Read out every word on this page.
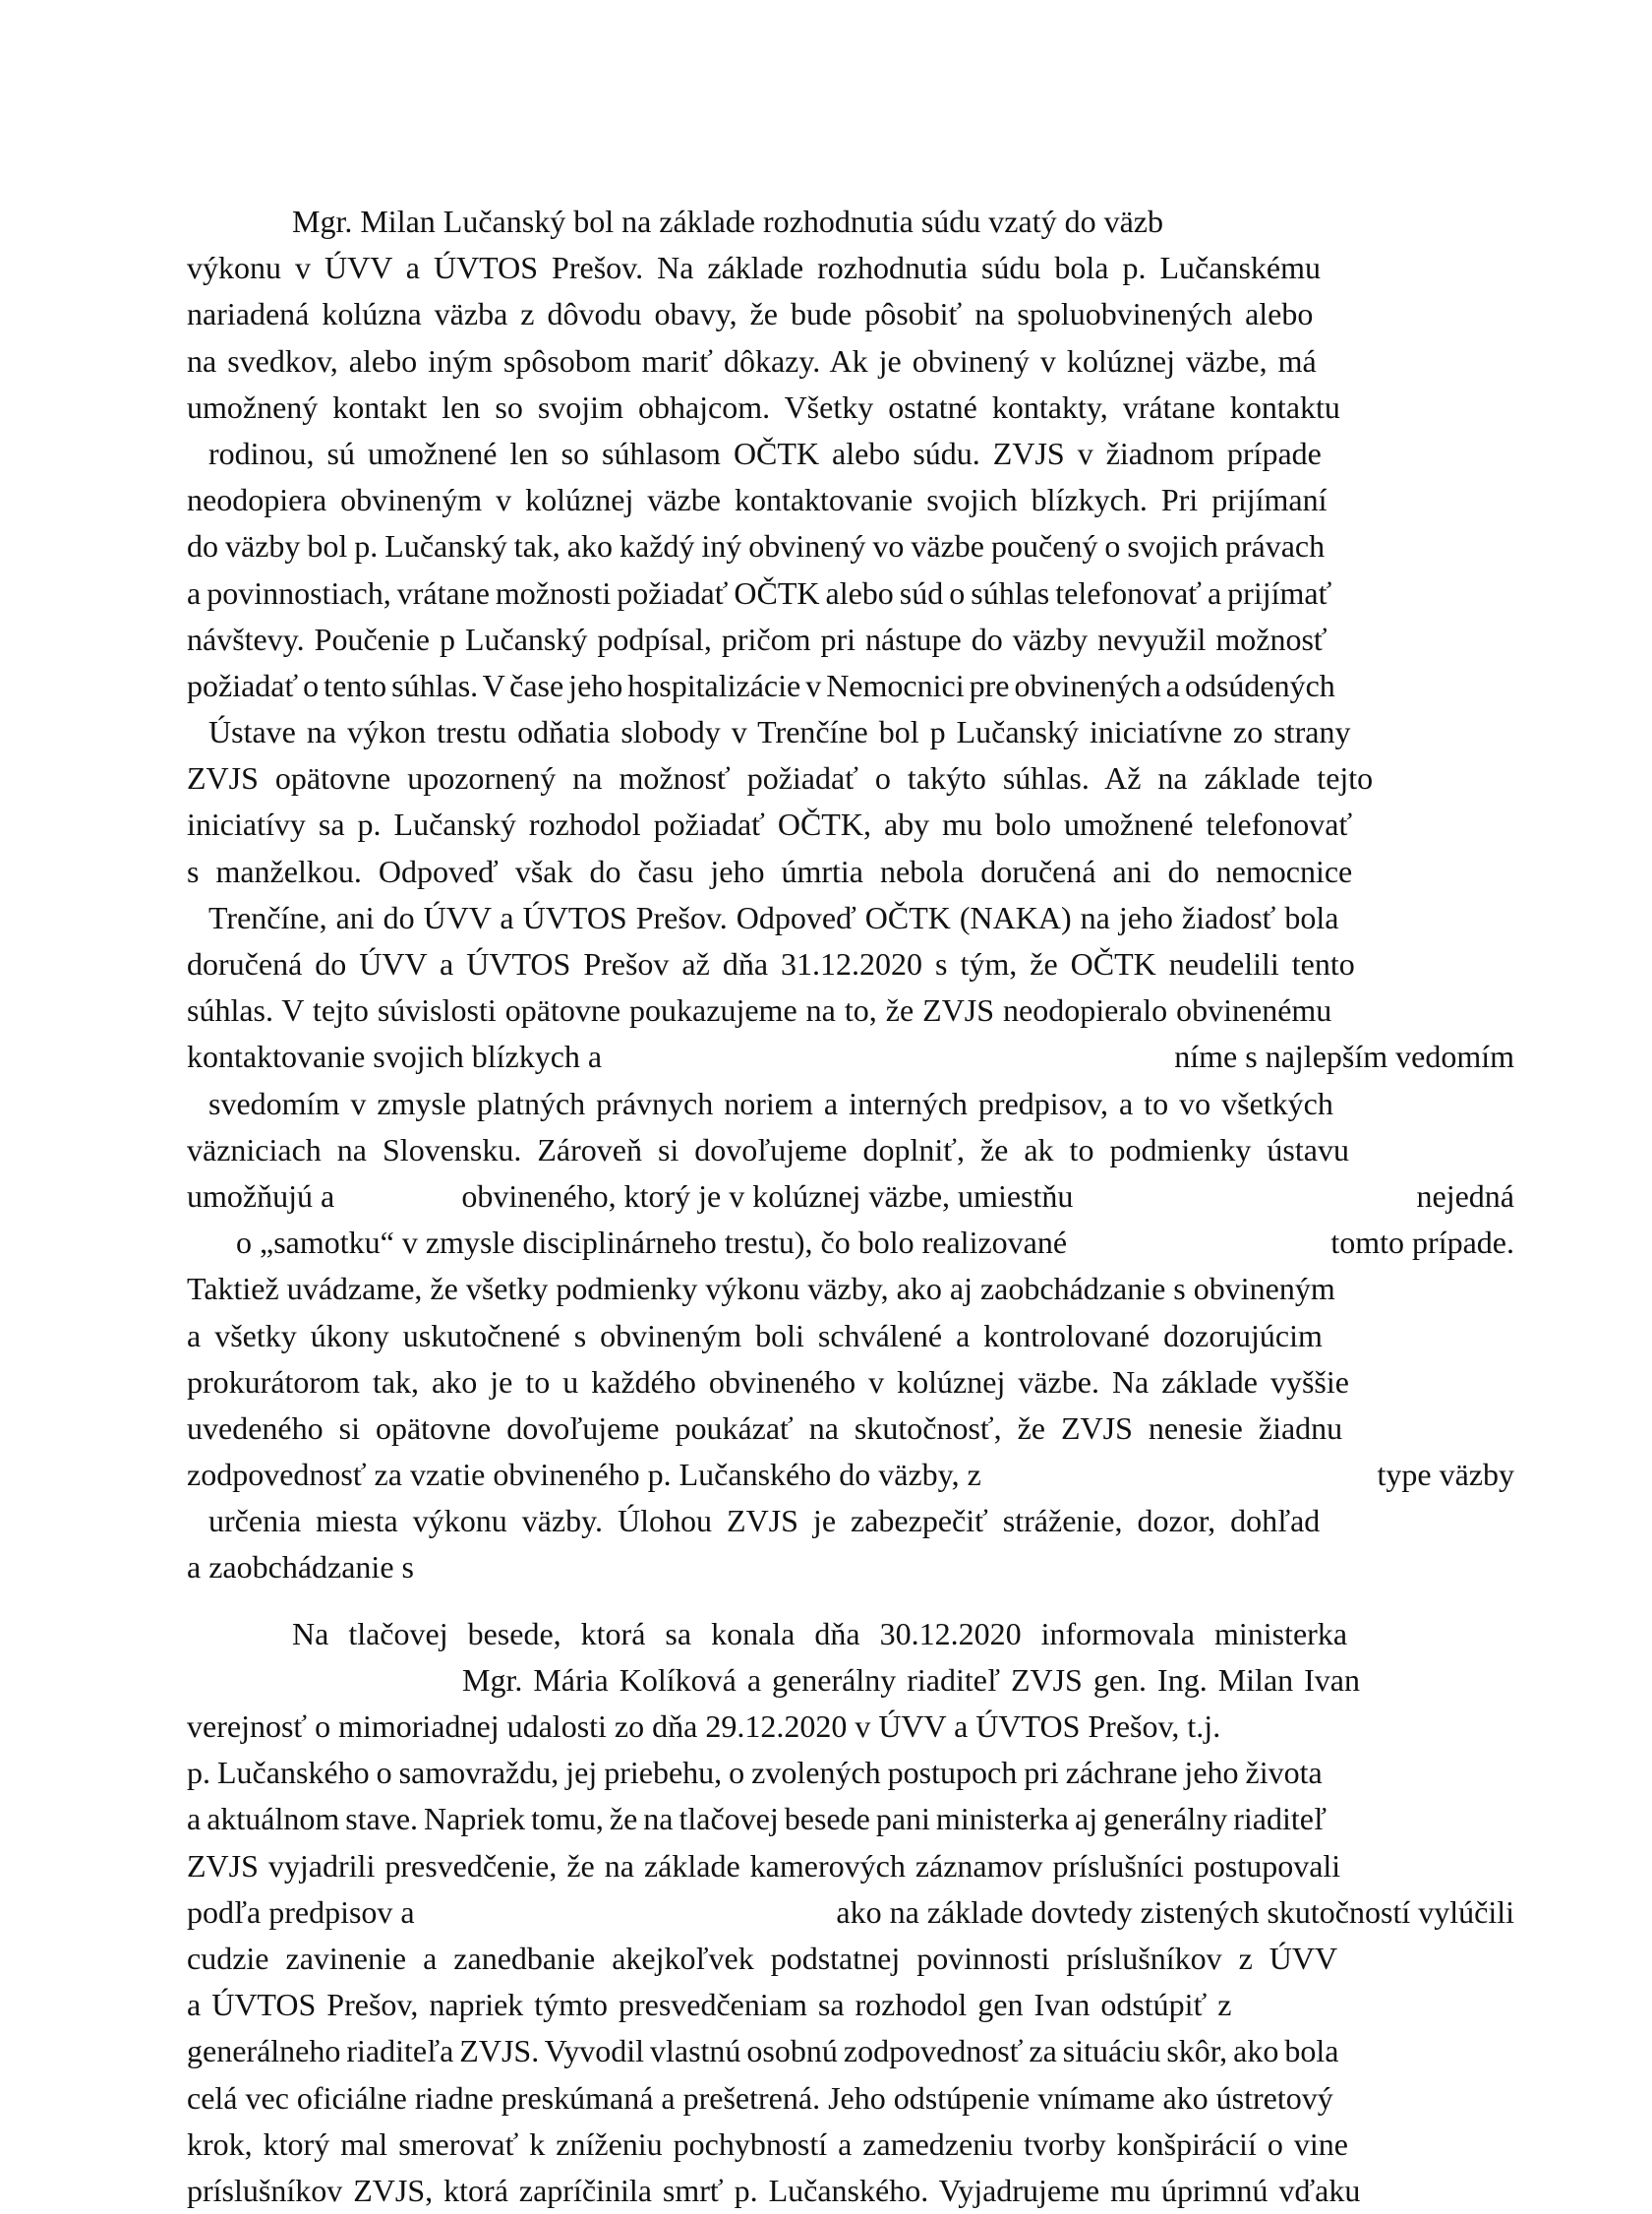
Mgr. Milan Lučanský bol na základe rozhodnutia súdu vzatý do väzb
výkonu v ÚVV a ÚVTOS Prešov. Na základe rozhodnutia súdu bola p. Lučanskému
nariadená kolúzna väzba z dôvodu obavy, že bude pôsobiť na spoluobvinených alebo
na svedkov, alebo iným spôsobom mariť dôkazy. Ak je obvinený v kolúznej väzbe, má
umožnený kontakt len so svojim obhajcom. Všetky ostatné kontakty, vrátane kontaktu
rodinou, sú umožnené len so súhlasom OČTK alebo súdu. ZVJS v žiadnom prípade
neodopiera obvineným v kolúznej väzbe kontaktovanie svojich blízkych. Pri prijímaní
do väzby bol p. Lučanský tak, ako každý iný obvinený vo väzbe poučený o svojich právach
a povinnostiach, vrátane možnosti požiadať OČTK alebo súd o súhlas telefonovať a prijímať
návštevy. Poučenie p Lučanský podpísal, pričom pri nástupe do väzby nevyužil možnosť
požiadať o tento súhlas. V čase jeho hospitalizácie v Nemocnici pre obvinených a odsúdených
Ústave na výkon trestu odňatia slobody v Trenčíne bol p Lučanský iniciatívne zo strany
ZVJS opätovne upozornený na možnosť požiadať o takýto súhlas. Až na základe tejto
iniciatívy sa p. Lučanský rozhodol požiadať OČTK, aby mu bolo umožnené telefonovať
s manželkou. Odpoveď však do času jeho úmrtia nebola doručená ani do nemocnice
Trenčíne, ani do ÚVV a ÚVTOS Prešov. Odpoveď OČTK (NAKA) na jeho žiadosť bola
doručená do ÚVV a ÚVTOS Prešov až dňa 31.12.2020 s tým, že OČTK neudelili tento
súhlas. V tejto súvislosti opätovne poukazujeme na to, že ZVJS neodopieralo obvinenému
kontaktovanie svojich blízkych a	níme s najlepším vedomím
svedomím v zmysle platných právnych noriem a interných predpisov, a to vo všetkých
väzniciach na Slovensku. Zároveň si dovoľujeme doplniť, že ak to podmienky ústavu
umožňujú a	obvineného, ktorý je v kolúznej väzbe, umiestňu	nejedná
o „samotku“ v zmysle disciplinárneho trestu), čo bolo realizované	tomto prípade.
Taktiež uvádzame, že všetky podmienky výkonu väzby, ako aj zaobchádzanie s obvineným
a všetky úkony uskutočnené s obvineným boli schválené a kontrolované dozorujúcim
prokurátorom tak, ako je to u každého obvineného v kolúznej väzbe. Na základe vyššie
uvedeného si opätovne dovoľujeme poukázať na skutočnosť, že ZVJS nenesie žiadnu
zodpovednosť za vzatie obvineného p. Lučanského do väzby, z	type väzby
určenia miesta výkonu väzby. Úlohou ZVJS je zabezpečiť stráženie, dozor, dohľad
a zaobchádzanie s
Na tlačovej besede, ktorá sa konala dňa 30.12.2020 informovala ministerka
Mgr. Mária Kolíková a generálny riaditeľ ZVJS gen. Ing. Milan Ivan
verejnosť o mimoriadnej udalosti zo dňa 29.12.2020 v ÚVV a ÚVTOS Prešov, t.j.
p. Lučanského o samovraždu, jej priebehu, o zvolených postupoch pri záchrane jeho života
a aktuálnom stave. Napriek tomu, že na tlačovej besede pani ministerka aj generálny riaditeľ
ZVJS vyjadrili presvedčenie, že na základe kamerových záznamov príslušníci postupovali
podľa predpisov a	ako na základe dovtedy zistených skutočností vylúčili
cudzie zavinenie a zanedbanie akejkoľvek podstatnej povinnosti príslušníkov z ÚVV
a ÚVTOS Prešov, napriek týmto presvedčeniam sa rozhodol gen Ivan odstúpiť z
generálneho riaditeľa ZVJS. Vyvodil vlastnú osobnú zodpovednosť za situáciu skôr, ako bola
celá vec oficiálne riadne preskúmaná a prešetrená. Jeho odstúpenie vnímame ako ústretový
krok, ktorý mal smerovať k zníženiu pochybností a zamedzeniu tvorby konšpirácií o vine
príslušníkov ZVJS, ktorá zapríčinila smrť p. Lučanského. Vyjadrujeme mu úprimnú vďaku
